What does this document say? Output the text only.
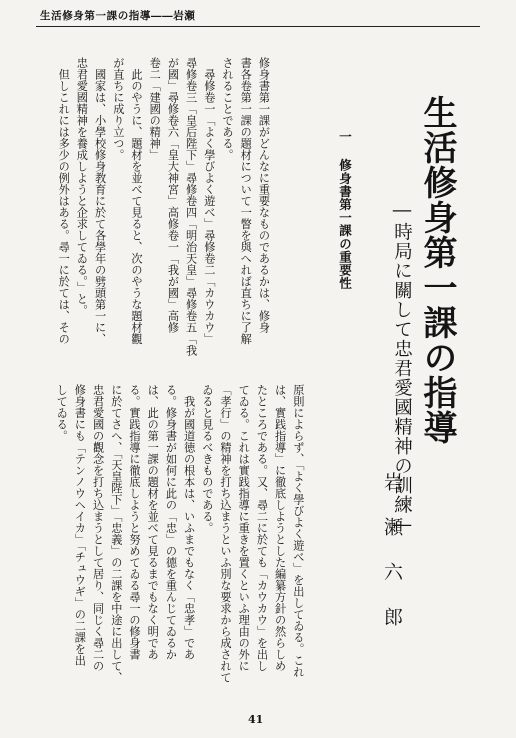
生活修身第一課の指導――岩瀬
生活修身第一課の指導
―時局に關して忠君愛國精神の訓練―
岩瀬六郎
一 修身書第一課の重要性
修身書第一課がどんなに重要なものであるかは、修身
書各卷第一課の題材について一瞥を與へれば直ちに了解
されることである。
　尋修卷一「よく學びよく遊べ」尋修卷二「カウカウ」
尋修卷三「皇后陛下」尋修卷四「明治天皇」尋修卷五「我
が國」尋修卷六「皇大神宮」高修卷一「我が國」高修
卷二「建國の精神」
　此のやうに、題材を並べて見ると、次のやうな題材觀
が直ちに成り立つ。
　國家は、小學校修身教育に於て各學年の劈頭第一に、
忠君愛國精神を養成しようと企求してゐる。」と。
　但しこれには多少の例外はある。尋一に於ては、その
原則によらず、「よく學びよく遊べ」を出してゐる。これ
は、實践指導」に徹底しようとした編纂方針の然らしめ
たところである。又、尋二に於ても「カウカウ」を出し
てゐる。これは實践指導に重きを置くといふ理由の外に
「孝行」の精神を打ち込まうといふ別な要求から成されて
ゐると見るべきものである。
　我が國道徳の根本は、いふまでもなく「忠孝」であ
る。修身書が如何に此の「忠」の德を重んじてゐるか
は、此の第一課の題材を並べて見るまでもなく明であ
る。實践指導に徹底しようと努めてゐる尋一の修身書
に於てさへ、「天皇陛下」「忠義」の二課を中途に出して、
忠君愛國の觀念を打ち込まうとして居り、同じく尋二の
修身書にも「テンノウヘイカ」「チュウギ」の二課を出
してゐる。
41
